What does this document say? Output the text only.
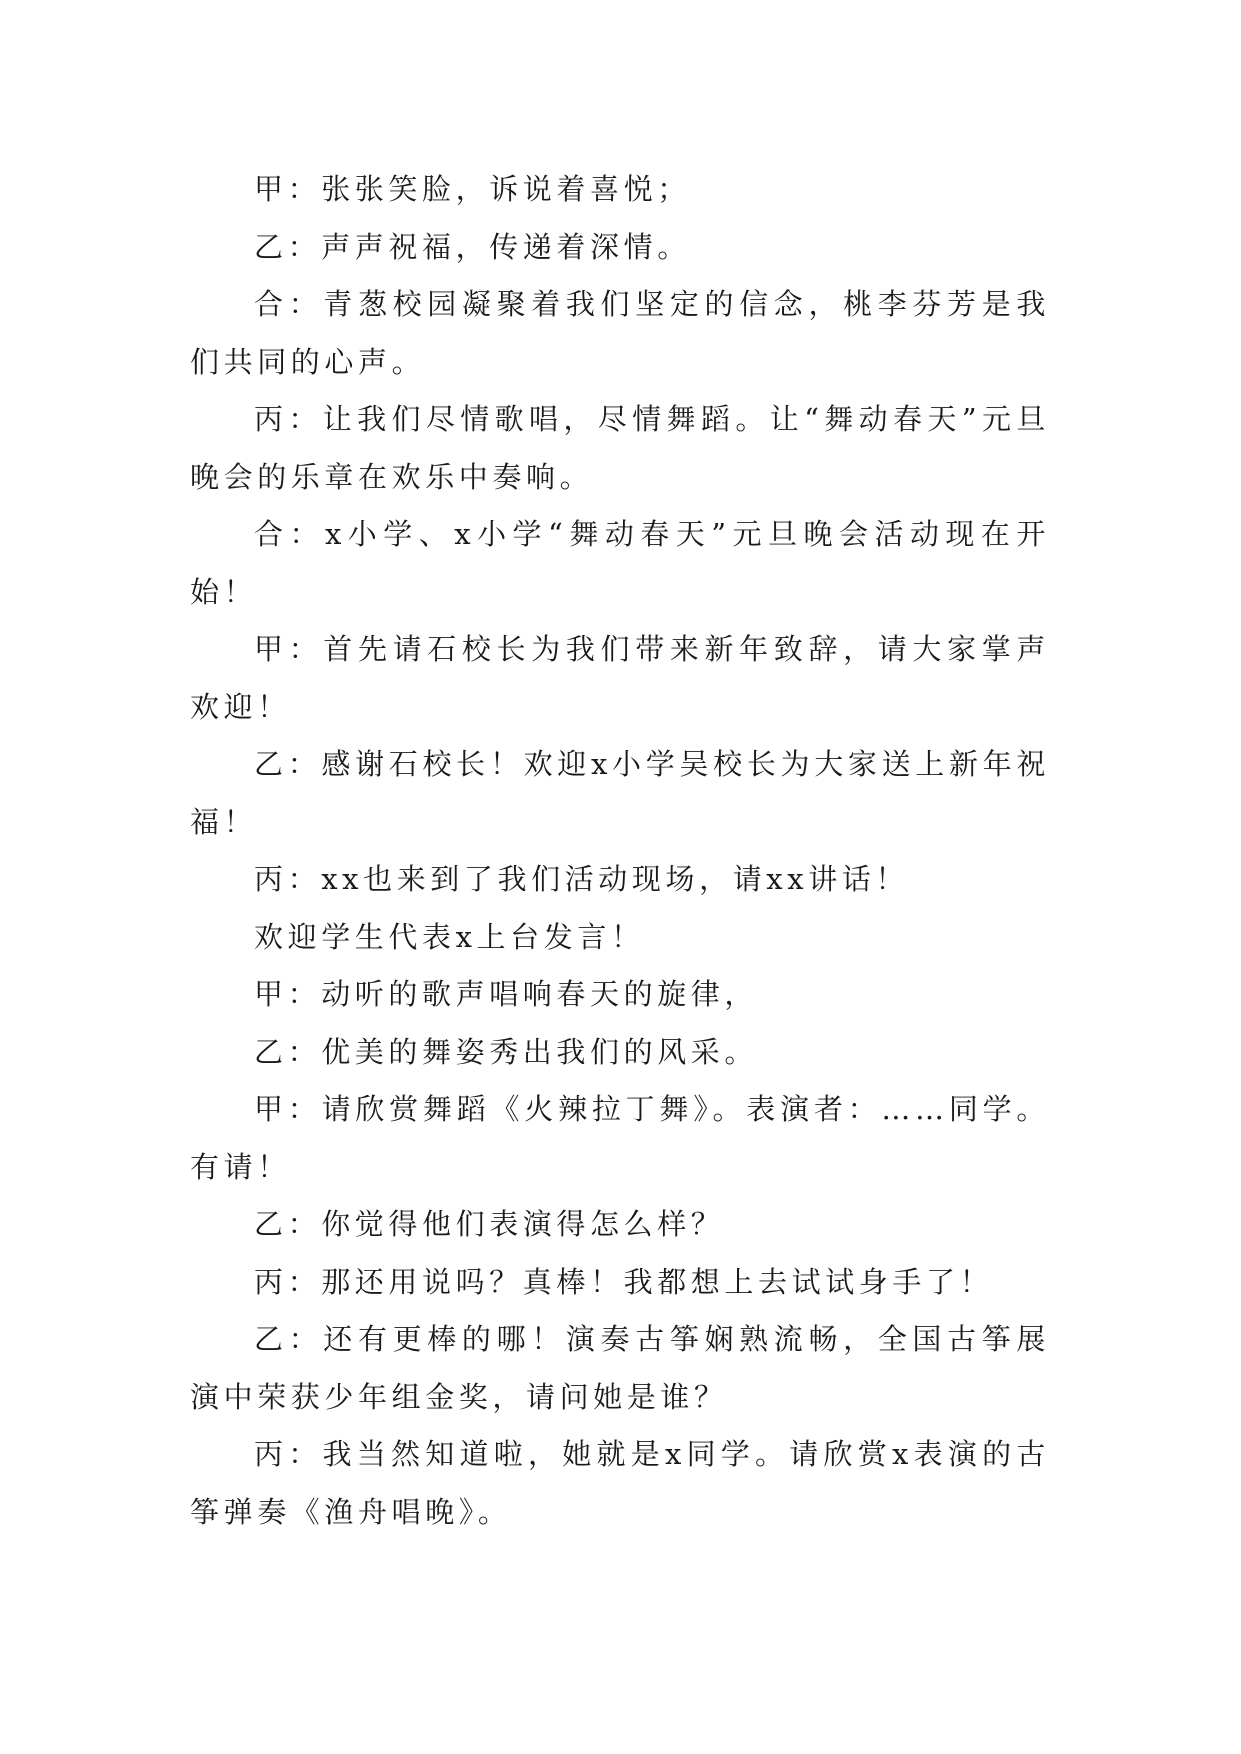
甲：张张笑脸，诉说着喜悦；

乙：声声祝福，传递着深情。

合：青葱校园凝聚着我们坚定的信念，桃李芬芳是我们共同的心声。

丙：让我们尽情歌唱，尽情舞蹈。让“舞动春天”元旦晚会的乐章在欢乐中奏响。

合：x小学、x小学“舞动春天”元旦晚会活动现在开始！

甲：首先请石校长为我们带来新年致辞，请大家掌声欢迎！

乙：感谢石校长！欢迎x小学吴校长为大家送上新年祝福！

丙：xx也来到了我们活动现场，请xx讲话！

欢迎学生代表x上台发言！

甲：动听的歌声唱响春天的旋律，

乙：优美的舞姿秀出我们的风采。

甲：请欣赏舞蹈《火辣拉丁舞》。表演者：……同学。有请！

乙：你觉得他们表演得怎么样？

丙：那还用说吗？真棒！我都想上去试试身手了！

乙：还有更棒的哪！演奏古筝娴熟流畅，全国古筝展演中荣获少年组金奖，请问她是谁？

丙：我当然知道啦，她就是x同学。请欣赏x表演的古筝弹奏《渔舟唱晚》。
